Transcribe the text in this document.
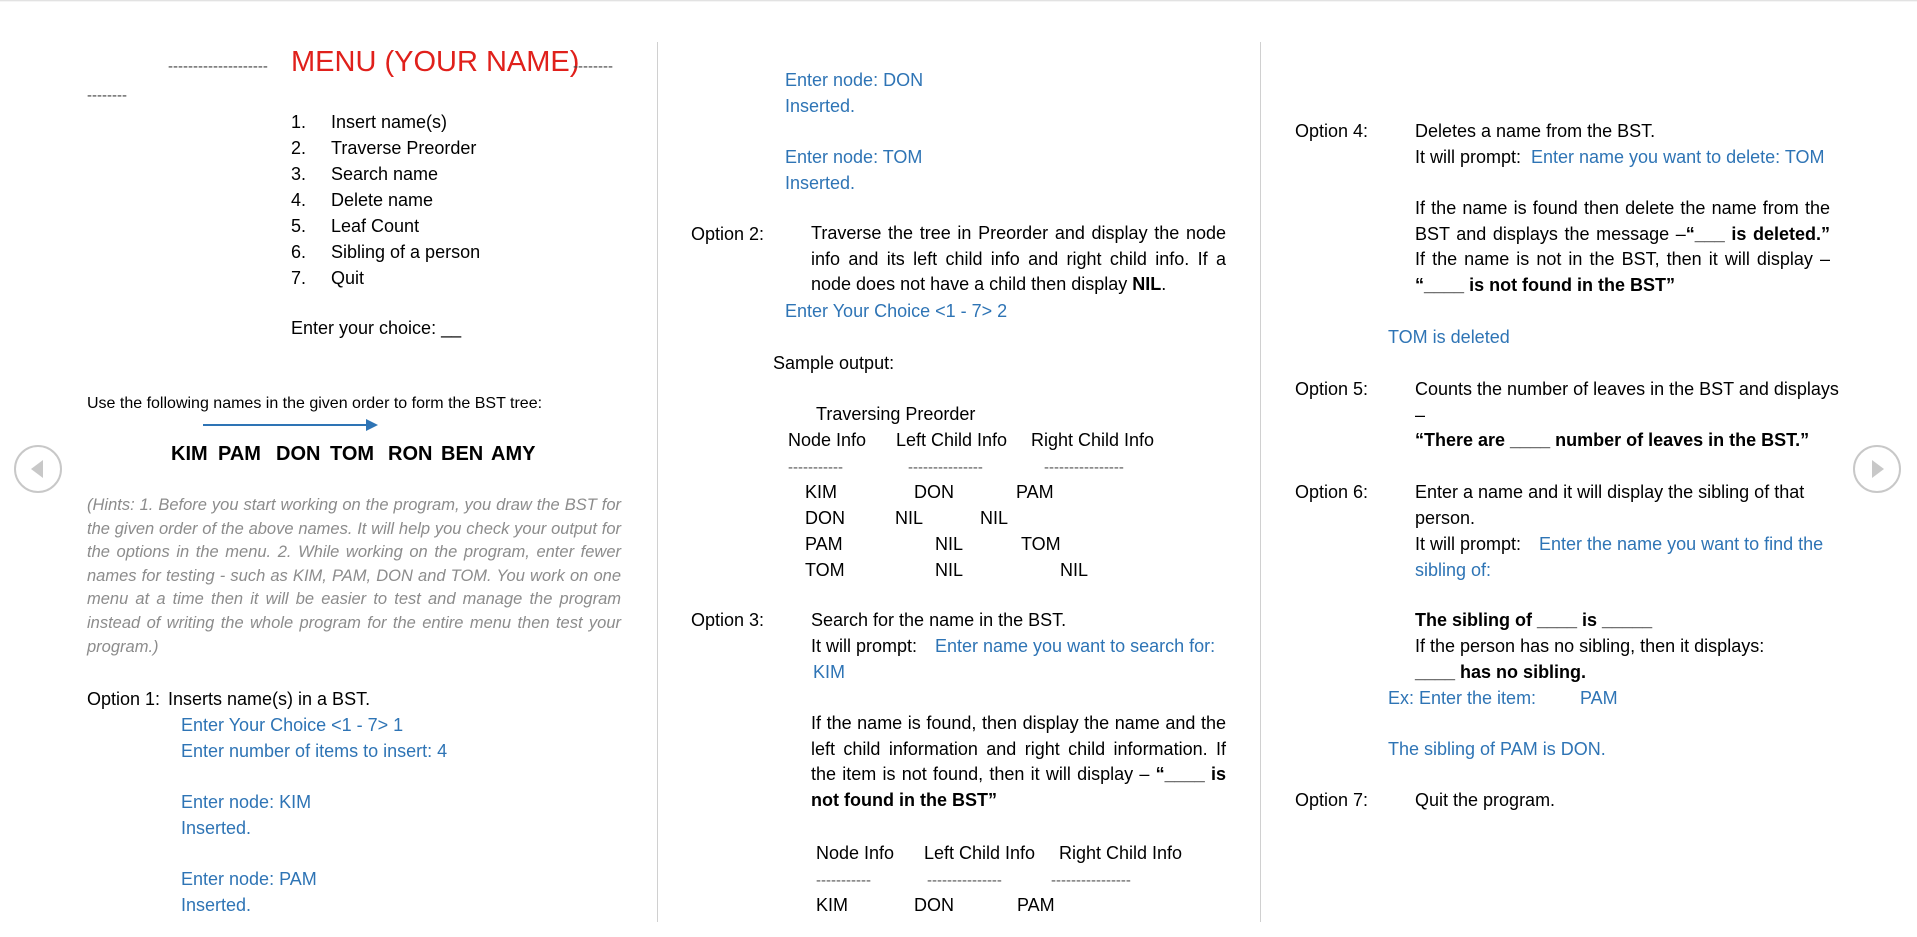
-------------------- MENU (YOUR NAME)
--------
--------
1. Insert name(s)
2. Traverse Preorder
3. Search name
4. Delete name
5. Leaf Count
6. Sibling of a person
7. Quit
Enter your choice: __
Use the following names in the given order to form the BST tree:
KIM PAM DON TOM RON BEN AMY
(Hints: 1. Before you start working on the program, you draw the BST for the given order of the above names. It will help you check your output for the options in the menu. 2. While working on the program, enter fewer names for testing - such as KIM, PAM, DON and TOM. You work on one menu at a time then it will be easier to test and manage the program instead of writing the whole program for the entire menu then test your program.)
Option 1: Inserts name(s) in a BST.
Enter Your Choice <1 - 7> 1
Enter number of items to insert: 4
Enter node: KIM
Inserted.
Enter node: PAM
Inserted.
Enter node: DON
Inserted.
Enter node: TOM
Inserted.
Option 2:	Traverse the tree in Preorder and display the node info and its left child info and right child info. If a node does not have a child then display NIL.
Enter Your Choice <1 - 7> 2
Sample output:
Traversing Preorder
Node Info Left Child Info Right Child Info
-----------	---------------	----------------
KIM	DON	PAM
DON	NIL	NIL
PAM	NIL	TOM
TOM	NIL	NIL
Option 3:	Search for the name in the BST.
It will prompt: Enter name you want to search for:
KIM
If the name is found, then display the name and the left child information and right child information. If the item is not found, then it will display – “____ is not found in the BST”
Node Info Left Child Info Right Child Info
-----------	---------------	----------------
KIM	DON	PAM
Option 4:	Deletes a name from the BST.
It will prompt: Enter name you want to delete: TOM
If the name is found then delete the name from the BST and displays the message –“___ is deleted.” If the name is not in the BST, then it will display – “____ is not found in the BST”
TOM is deleted
Option 5:	Counts the number of leaves in the BST and displays
–
“There are ____ number of leaves in the BST.”
Option 6:	Enter a name and it will display the sibling of that
person.
It will prompt: Enter the name you want to find the
sibling of:
The sibling of ____ is _____
If the person has no sibling, then it displays:
____ has no sibling.
Ex: Enter the item: PAM
The sibling of PAM is DON.
Option 7:	Quit the program.
